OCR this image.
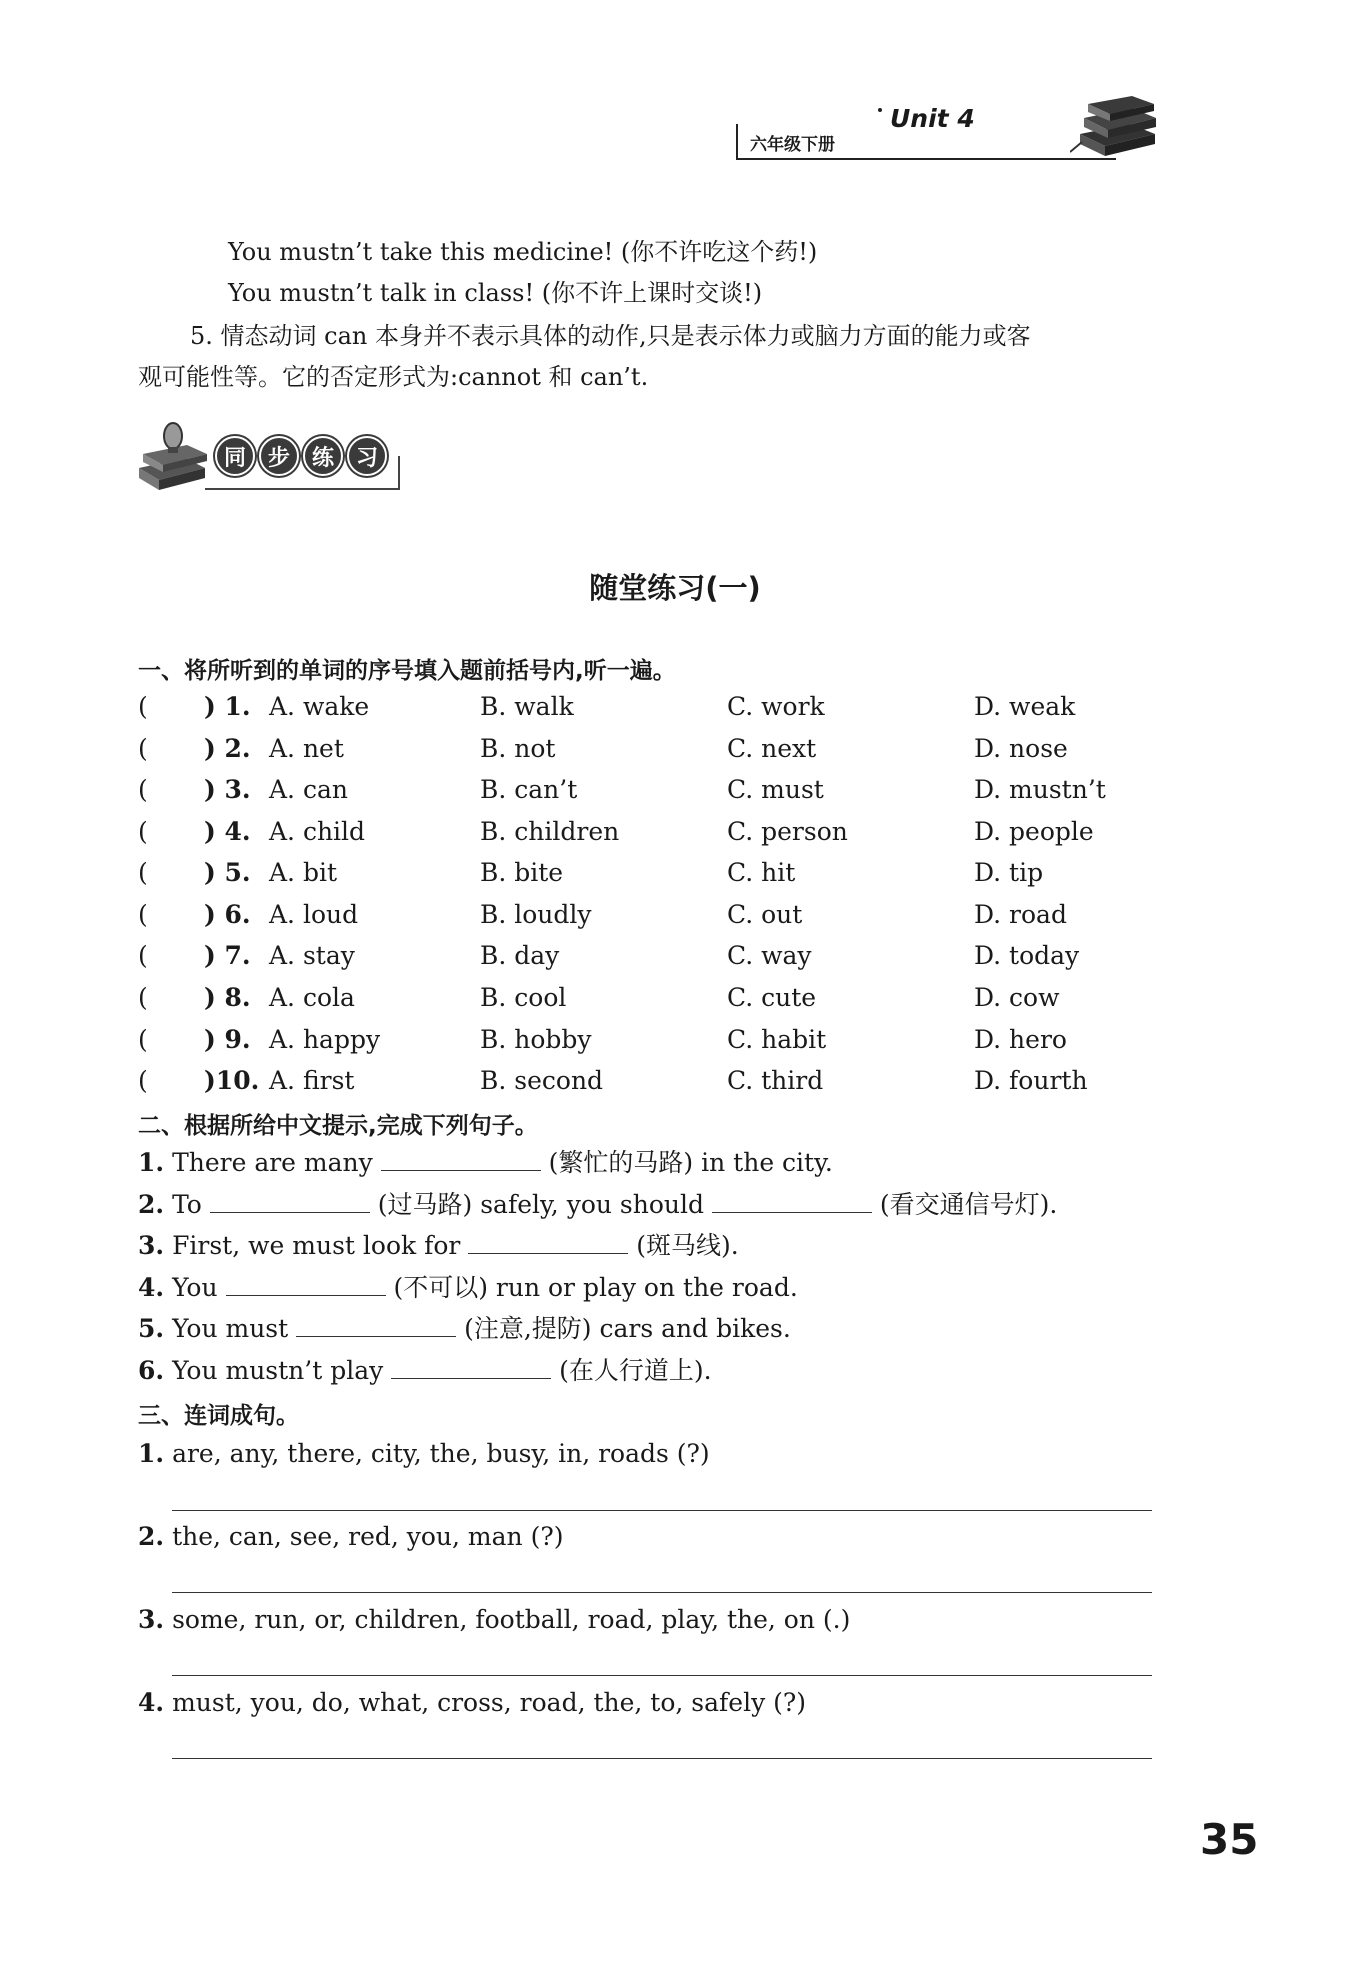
六年级下册
Unit 4
You mustn’t take this medicine! (你不许吃这个药!)
You mustn’t talk in class! (你不许上课时交谈!)
5. 情态动词 can 本身并不表示具体的动作,只是表示体力或脑力方面的能力或客
观可能性等。它的否定形式为:cannot 和 can’t.
同 步 练 习
随堂练习(一)
一、将所听到的单词的序号填入题前括号内,听一遍。
( ) 1. A. wake	B. walk	C. work	D. weak
( ) 2. A. net	B. not	C. next	D. nose
( ) 3. A. can	B. can’t	C. must	D. mustn’t
( ) 4. A. child	B. children	C. person	D. people
( ) 5. A. bit	B. bite	C. hit	D. tip
( ) 6. A. loud	B. loudly	C. out	D. road
( ) 7. A. stay	B. day	C. way	D. today
( ) 8. A. cola	B. cool	C. cute	D. cow
( ) 9. A. happy	B. hobby	C. habit	D. hero
( )10. A. first	B. second	C. third	D. fourth
二、根据所给中文提示,完成下列句子。
1. There are many	(繁忙的马路) in the city.
2. To	(过马路) safely, you should	(看交通信号灯).
3. First, we must look for	(斑马线).
4. You	(不可以) run or play on the road.
5. You must	(注意,提防) cars and bikes.
6. You mustn’t play	(在人行道上).
三、连词成句。
1. are, any, there, city, the, busy, in, roads (?)
2. the, can, see, red, you, man (?)
3. some, run, or, children, football, road, play, the, on (.)
4. must, you, do, what, cross, road, the, to, safely (?)
35
